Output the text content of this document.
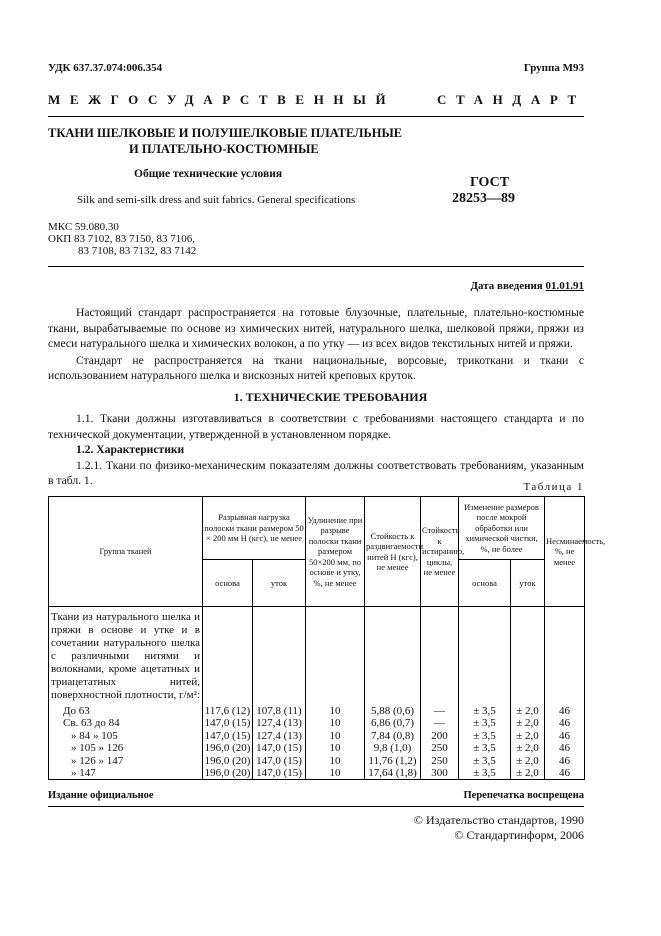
УДК 637.37.074:006.354	Группа М93
МЕЖГОСУДАРСТВЕННЫЙ	СТАНДАРТ
ТКАНИ ШЕЛКОВЫЕ И ПОЛУШЕЛКОВЫЕ ПЛАТЕЛЬНЫЕ
И ПЛАТЕЛЬНО-КОСТЮМНЫЕ
Общие технические условия
Silk and semi-silk dress and suit fabrics. General specifications
ГОСТ
28253—89
МКС 59.080.30
ОКП 83 7102, 83 7150, 83 7106,
83 7108, 83 7132, 83 7142
Дата введения 01.01.91

Настоящий стандарт распространяется на готовые блузочные, плательные, плательно-костюмные ткани, вырабатываемые по основе из химических нитей, натурального шелка, шелковой пряжи, пряжи из смеси натурального шелка и химических волокон, а по утку — из всех видов текстильных нитей и пряжи.

Стандарт не распространяется на ткани национальные, ворсовые, трикоткани и ткани с использованием натурального шелка и вискозных нитей креповых круток.

1. ТЕХНИЧЕСКИЕ ТРЕБОВАНИЯ

1.1. Ткани должны изготавливаться в соответствии с требованиями настоящего стандарта и по технической документации, утвержденной в установленном порядке.

1.2. Характеристики

1.2.1. Ткани по физико-механическим показателям должны соответствовать требованиям, указанным в табл. 1.	Таблица 1
Группа тканей	Разрывная нагрузка полоски ткани размером 50 × 200 мм Н (кгс), не менее		Удлинение при разрыве полоски ткани размером 50×200 мм, по основе и утку, %, не менее	Стойкость к раздвигаемости нитей Н (кгс), не менее	Стойкость к истиранию, циклы, не менее	Изменение размеров после мокрой обработки или химической чистки, %, не более		Несминаемость, %, не менее
	основа	уток				основа	уток	
Ткани из натурального шелка и пряжи в основе и утке и в сочетании натурального шелка с различными нитями и волокнами, кроме ацетатных и триацетатных нитей, поверхностной плотности, г/м²:								
До 63	117,6 (12)	107,8 (11)	10	5,88 (0,6)	—	± 3,5	± 2,0	46
Св. 63 до 84	147,0 (15)	127,4 (13)	10	6,86 (0,7)	—	± 3,5	± 2,0	46
» 84 » 105	147,0 (15)	127,4 (13)	10	7,84 (0,8)	200	± 3,5	± 2,0	46
» 105 » 126	196,0 (20)	147,0 (15)	10	9,8 (1,0)	250	± 3,5	± 2,0	46
» 126 » 147	196,0 (20)	147,0 (15)	10	11,76 (1,2)	250	± 3,5	± 2,0	46
» 147	196,0 (20)	147,0 (15)	10	17,64 (1,8)	300	± 3,5	± 2,0	46
Издание официальное	Перепечатка воспрещена
© Издательство стандартов, 1990
© Стандартинформ, 2006
